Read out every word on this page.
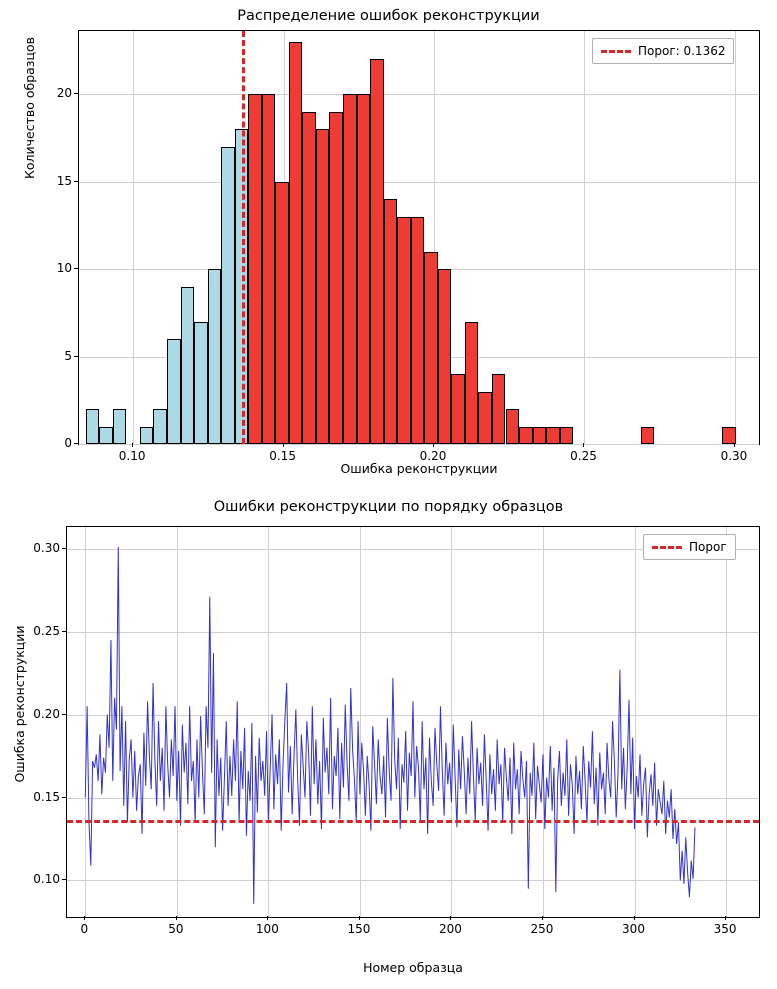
Распределение ошибок реконструкции
Ошибка реконструкции
Количество образцов	Порог: 0.1362
0.10	0.15	0.20	0.25	0.30
0
5
10
15
20
Ошибки реконструкции по порядку образцов
Номер образца
Ошибка реконструкции
Порог
0	50	100	150	200	250	300	350
0.10
0.15
0.20
0.25
0.30
